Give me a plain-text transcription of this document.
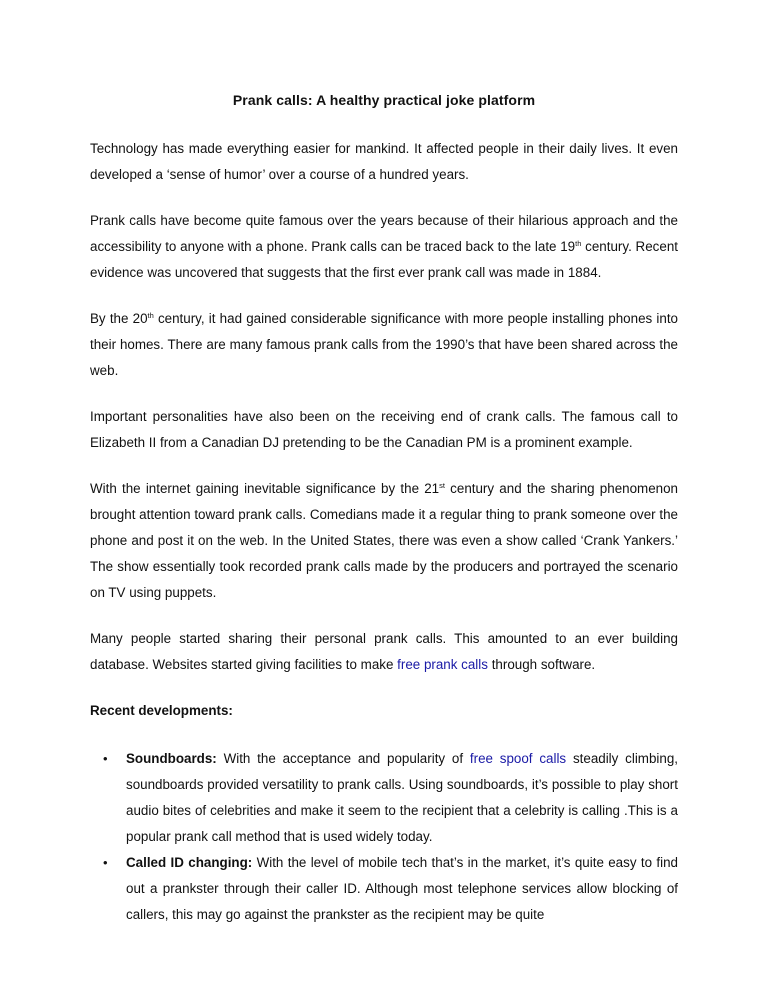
Prank calls: A healthy practical joke platform

Technology has made everything easier for mankind. It affected people in their daily lives. It even developed a ‘sense of humor’ over a course of a hundred years.

Prank calls have become quite famous over the years because of their hilarious approach and the accessibility to anyone with a phone. Prank calls can be traced back to the late 19th century. Recent evidence was uncovered that suggests that the first ever prank call was made in 1884.

By the 20th century, it had gained considerable significance with more people installing phones into their homes. There are many famous prank calls from the 1990’s that have been shared across the web.

Important personalities have also been on the receiving end of crank calls. The famous call to Elizabeth II from a Canadian DJ pretending to be the Canadian PM is a prominent example.

With the internet gaining inevitable significance by the 21st century and the sharing phenomenon brought attention toward prank calls. Comedians made it a regular thing to prank someone over the phone and post it on the web. In the United States, there was even a show called ‘Crank Yankers.’ The show essentially took recorded prank calls made by the producers and portrayed the scenario on TV using puppets.

Many people started sharing their personal prank calls. This amounted to an ever building database. Websites started giving facilities to make free prank calls through software.

Recent developments:
• Soundboards: With the acceptance and popularity of free spoof calls steadily climbing, soundboards provided versatility to prank calls. Using soundboards, it’s possible to play short audio bites of celebrities and make it seem to the recipient that a celebrity is calling .This is a popular prank call method that is used widely today.
• Called ID changing: With the level of mobile tech that’s in the market, it’s quite easy to find out a prankster through their caller ID. Although most telephone services allow blocking of callers, this may go against the prankster as the recipient may be quite
